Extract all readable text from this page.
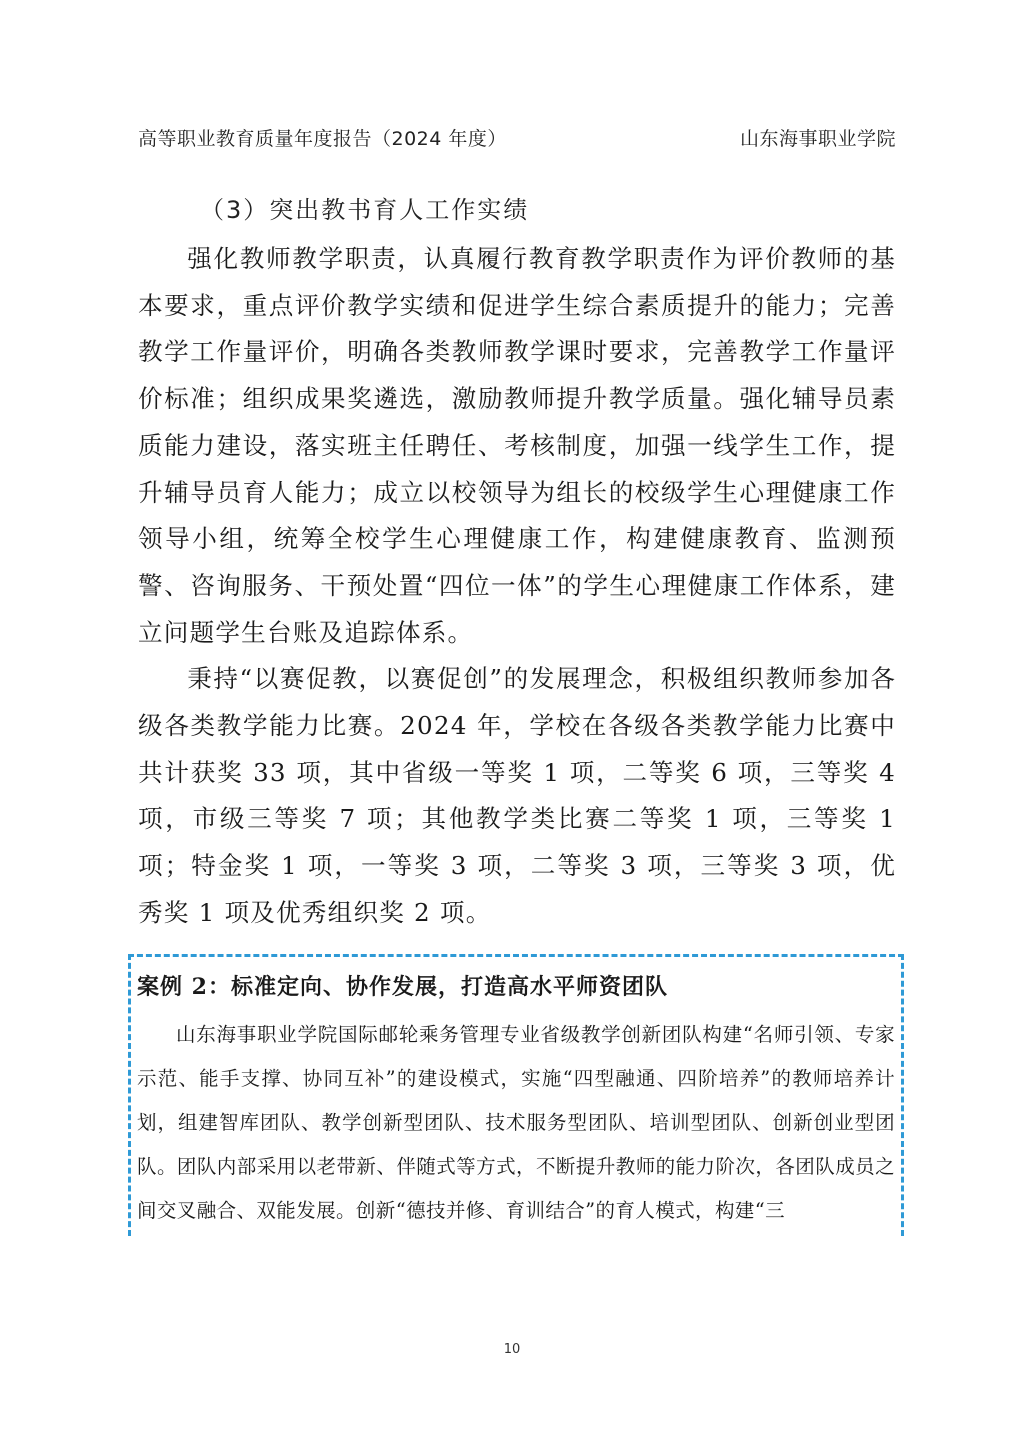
高等职业教育质量年度报告（2024 年度）	山东海事职业学院
（3）突出教书育人工作实绩

强化教师教学职责，认真履行教育教学职责作为评价教师的基本要求，重点评价教学实绩和促进学生综合素质提升的能力；完善教学工作量评价，明确各类教师教学课时要求，完善教学工作量评价标准；组织成果奖遴选，激励教师提升教学质量。强化辅导员素质能力建设，落实班主任聘任、考核制度，加强一线学生工作，提升辅导员育人能力；成立以校领导为组长的校级学生心理健康工作领导小组，统筹全校学生心理健康工作，构建健康教育、监测预警、咨询服务、干预处置“四位一体”的学生心理健康工作体系，建立问题学生台账及追踪体系。

秉持“以赛促教，以赛促创”的发展理念，积极组织教师参加各级各类教学能力比赛。2024 年，学校在各级各类教学能力比赛中共计获奖 33 项，其中省级一等奖 1 项，二等奖 6 项，三等奖 4 项，市级三等奖 7 项；其他教学类比赛二等奖 1 项，三等奖 1 项；特金奖 1 项，一等奖 3 项，二等奖 3 项，三等奖 3 项，优秀奖 1 项及优秀组织奖 2 项。

案例 2：标准定向、协作发展，打造高水平师资团队

山东海事职业学院国际邮轮乘务管理专业省级教学创新团队构建“名师引领、专家示范、能手支撑、协同互补”的建设模式，实施“四型融通、四阶培养”的教师培养计划，组建智库团队、教学创新型团队、技术服务型团队、培训型团队、创新创业型团队。团队内部采用以老带新、伴随式等方式，不断提升教师的能力阶次，各团队成员之间交叉融合、双能发展。创新“德技并修、育训结合”的育人模式，构建“三

10
